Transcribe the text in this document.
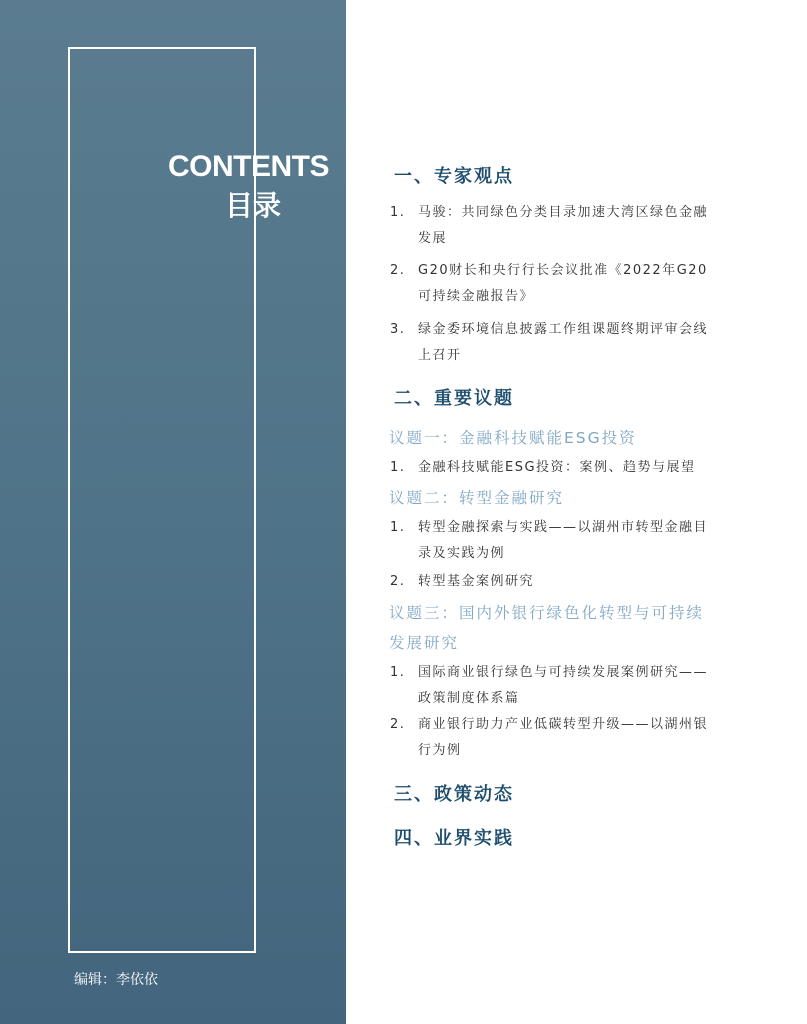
CONTENTS
目录
编辑：李依依
一、专家观点
1. 马骏：共同绿色分类目录加速大湾区绿色金融发展
2. G20财长和央行行长会议批准《2022年G20可持续金融报告》
3. 绿金委环境信息披露工作组课题终期评审会线上召开
二、重要议题
议题一：金融科技赋能ESG投资
1. 金融科技赋能ESG投资：案例、趋势与展望
议题二：转型金融研究
1. 转型金融探索与实践——以湖州市转型金融目录及实践为例
2. 转型基金案例研究
议题三：国内外银行绿色化转型与可持续发展研究
1. 国际商业银行绿色与可持续发展案例研究——政策制度体系篇
2. 商业银行助力产业低碳转型升级——以湖州银行为例
三、政策动态
四、业界实践
